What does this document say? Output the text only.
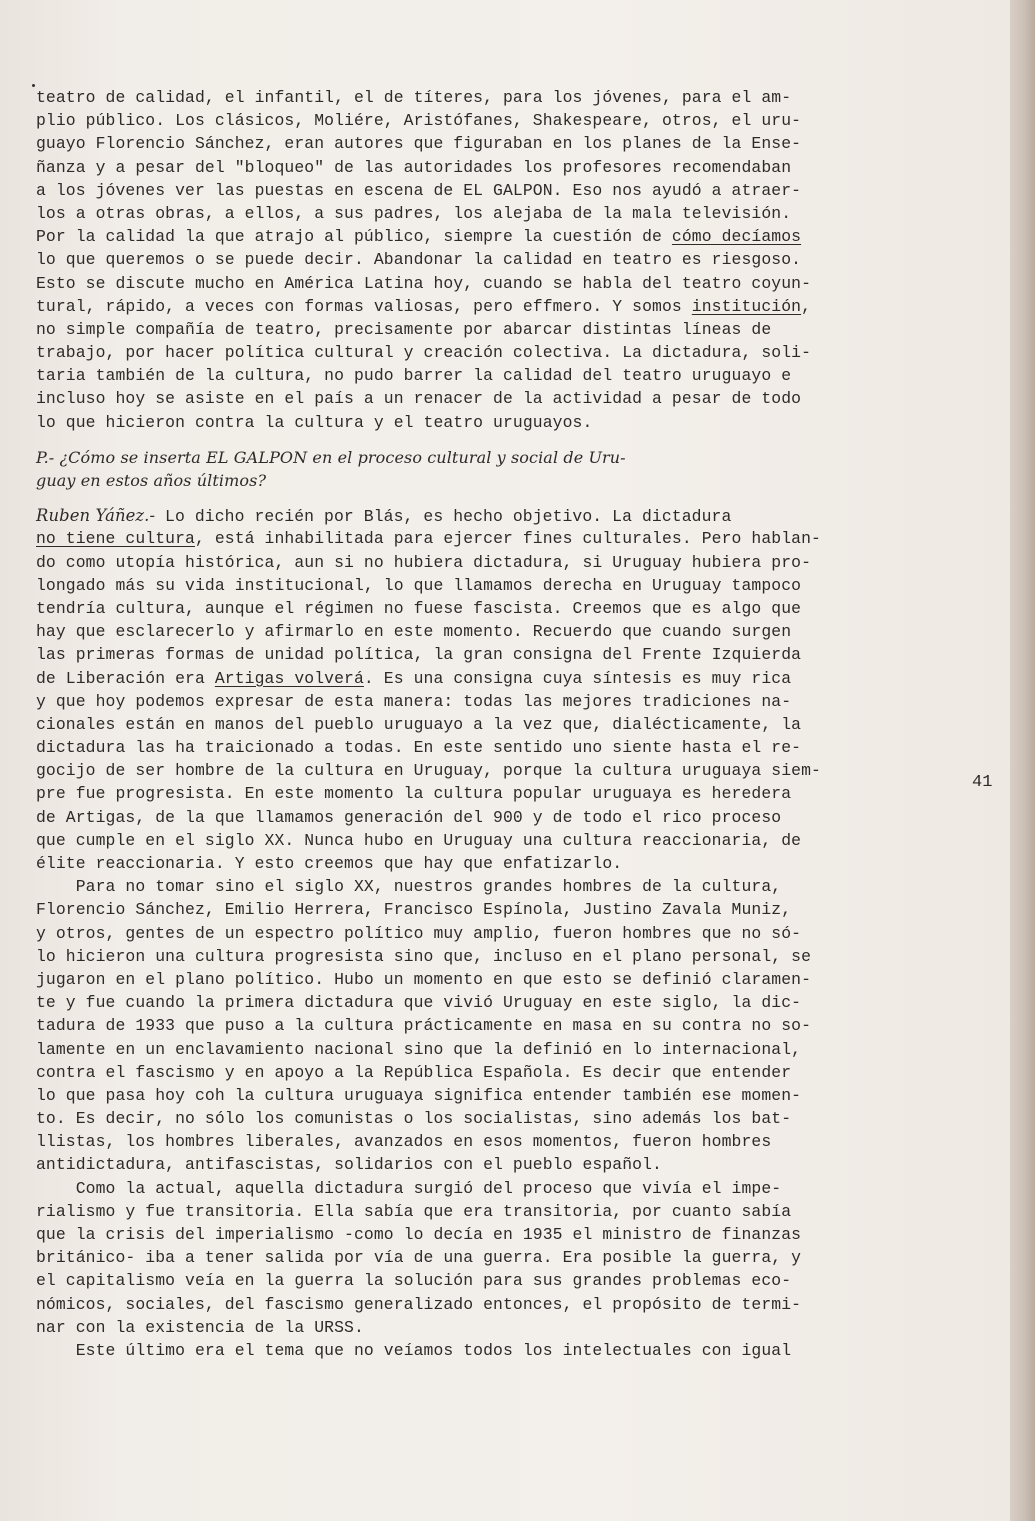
teatro de calidad, el infantil, el de títeres, para los jóvenes, para el am-
plio público. Los clásicos, Moliére, Aristófanes, Shakespeare, otros, el uru-
guayo Florencio Sánchez, eran autores que figuraban en los planes de la Ense-
ñanza y a pesar del "bloqueo" de las autoridades los profesores recomendaban
a los jóvenes ver las puestas en escena de EL GALPON. Eso nos ayudó a atraer-
los a otras obras, a ellos, a sus padres, los alejaba de la mala televisión.
Por la calidad la que atrajo al público, siempre la cuestión de cómo decíamos
lo que queremos o se puede decir. Abandonar la calidad en teatro es riesgoso.
Esto se discute mucho en América Latina hoy, cuando se habla del teatro coyun-
tural, rápido, a veces con formas valiosas, pero effmero. Y somos institución,
no simple compañía de teatro, precisamente por abarcar distintas líneas de
trabajo, por hacer política cultural y creación colectiva. La dictadura, soli-
taria también de la cultura, no pudo barrer la calidad del teatro uruguayo e
incluso hoy se asiste en el país a un renacer de la actividad a pesar de todo
lo que hicieron contra la cultura y el teatro uruguayos.
P.- ¿Cómo se inserta EL GALPON en el proceso cultural y social de Uru-
guay en estos años últimos?
Ruben Yáñez.- Lo dicho recién por Blás, es hecho objetivo. La dictadura
no tiene cultura, está inhabilitada para ejercer fines culturales. Pero hablan-
do como utopía histórica, aun si no hubiera dictadura, si Uruguay hubiera pro-
longado más su vida institucional, lo que llamamos derecha en Uruguay tampoco
tendría cultura, aunque el régimen no fuese fascista. Creemos que es algo que
hay que esclarecerlo y afirmarlo en este momento. Recuerdo que cuando surgen
las primeras formas de unidad política, la gran consigna del Frente Izquierda
de Liberación era Artigas volverá. Es una consigna cuya síntesis es muy rica
y que hoy podemos expresar de esta manera: todas las mejores tradiciones na-
cionales están en manos del pueblo uruguayo a la vez que, dialécticamente, la
dictadura las ha traicionado a todas. En este sentido uno siente hasta el re-
gocijo de ser hombre de la cultura en Uruguay, porque la cultura uruguaya siem-
pre fue progresista. En este momento la cultura popular uruguaya es heredera
de Artigas, de la que llamamos generación del 900 y de todo el rico proceso
que cumple en el siglo XX. Nunca hubo en Uruguay una cultura reaccionaria, de
élite reaccionaria. Y esto creemos que hay que enfatizarlo.
Para no tomar sino el siglo XX, nuestros grandes hombres de la cultura,
Florencio Sánchez, Emilio Herrera, Francisco Espínola, Justino Zavala Muniz,
y otros, gentes de un espectro político muy amplio, fueron hombres que no só-
lo hicieron una cultura progresista sino que, incluso en el plano personal, se
jugaron en el plano político. Hubo un momento en que esto se definió claramen-
te y fue cuando la primera dictadura que vivió Uruguay en este siglo, la dic-
tadura de 1933 que puso a la cultura prácticamente en masa en su contra no so-
lamente en un enclavamiento nacional sino que la definió en lo internacional,
contra el fascismo y en apoyo a la República Española. Es decir que entender
lo que pasa hoy coh la cultura uruguaya significa entender también ese momen-
to. Es decir, no sólo los comunistas o los socialistas, sino además los bat-
llistas, los hombres liberales, avanzados en esos momentos, fueron hombres
antidictadura, antifascistas, solidarios con el pueblo español.
Como la actual, aquella dictadura surgió del proceso que vivía el impe-
rialismo y fue transitoria. Ella sabía que era transitoria, por cuanto sabía
que la crisis del imperialismo -como lo decía en 1935 el ministro de finanzas
británico- iba a tener salida por vía de una guerra. Era posible la guerra, y
el capitalismo veía en la guerra la solución para sus grandes problemas eco-
nómicos, sociales, del fascismo generalizado entonces, el propósito de termi-
nar con la existencia de la URSS.
Este último era el tema que no veíamos todos los intelectuales con igual
41
